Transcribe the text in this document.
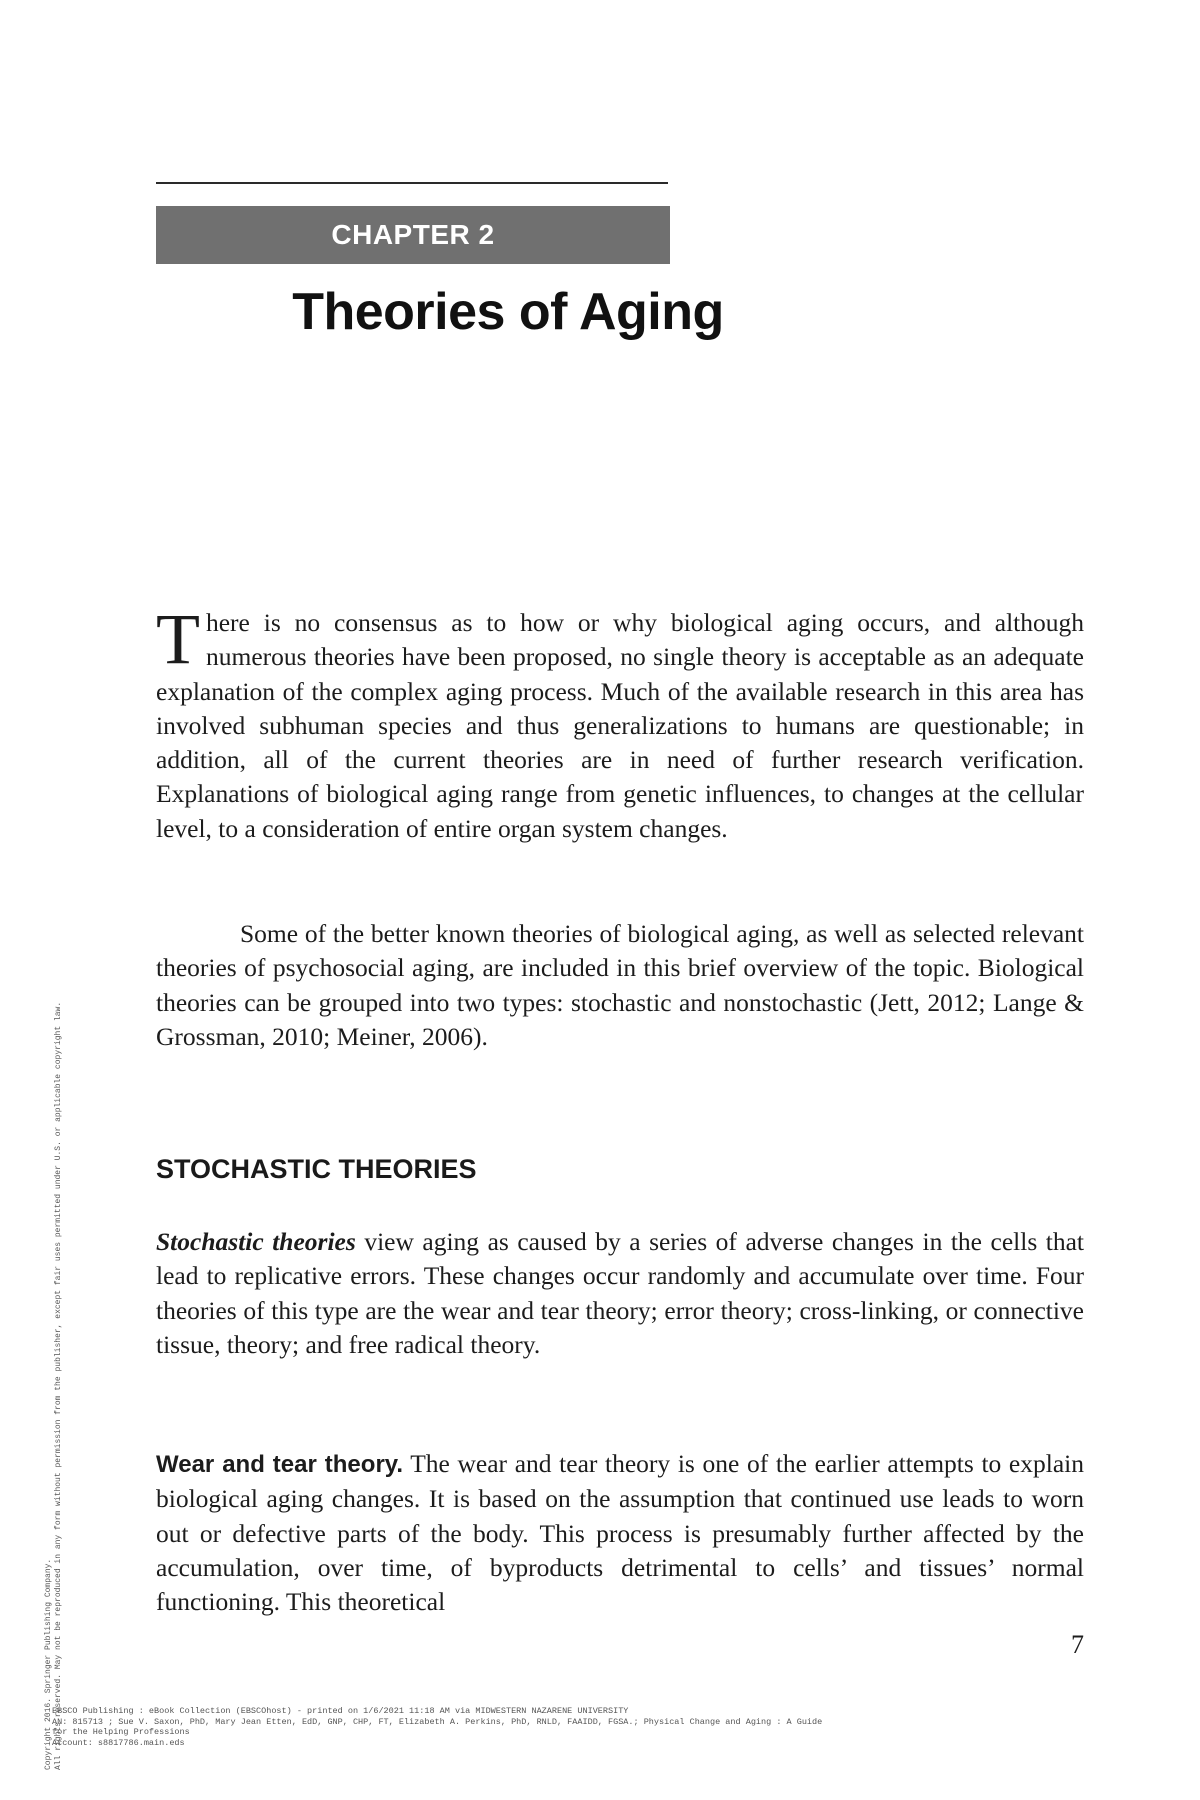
CHAPTER 2
Theories of Aging

There is no consensus as to how or why biological aging occurs, and although numerous theories have been proposed, no single theory is acceptable as an adequate explanation of the complex aging process. Much of the available research in this area has involved subhuman species and thus generalizations to humans are questionable; in addition, all of the current theories are in need of further research verification. Explanations of biological aging range from genetic influences, to changes at the cellular level, to a consideration of entire organ system changes.

Some of the better known theories of biological aging, as well as selected relevant theories of psychosocial aging, are included in this brief overview of the topic. Biological theories can be grouped into two types: stochastic and nonstochastic (Jett, 2012; Lange & Grossman, 2010; Meiner, 2006).

STOCHASTIC THEORIES

Stochastic theories view aging as caused by a series of adverse changes in the cells that lead to replicative errors. These changes occur randomly and accumulate over time. Four theories of this type are the wear and tear theory; error theory; cross-linking, or connective tissue, theory; and free radical theory.

Wear and tear theory. The wear and tear theory is one of the earlier attempts to explain biological aging changes. It is based on the assumption that continued use leads to worn out or defective parts of the body. This process is presumably further affected by the accumulation, over time, of byproducts detrimental to cells’ and tissues’ normal functioning. This theoretical

7
Copyright 2016. Springer Publishing Company. All rights reserved. May not be reproduced in any form without permission from the publisher, except fair uses permitted under U.S. or applicable copyright law.
EBSCO Publishing : eBook Collection (EBSCOhost) - printed on 1/6/2021 11:18 AM via MIDWESTERN NAZARENE UNIVERSITY
AN: 815713 ; Sue V. Saxon, PhD, Mary Jean Etten, EdD, GNP, CHP, FT, Elizabeth A. Perkins, PhD, RNLD, FAAIDD, FGSA.; Physical Change and Aging : A Guide
for the Helping Professions
Account: s8817786.main.eds
